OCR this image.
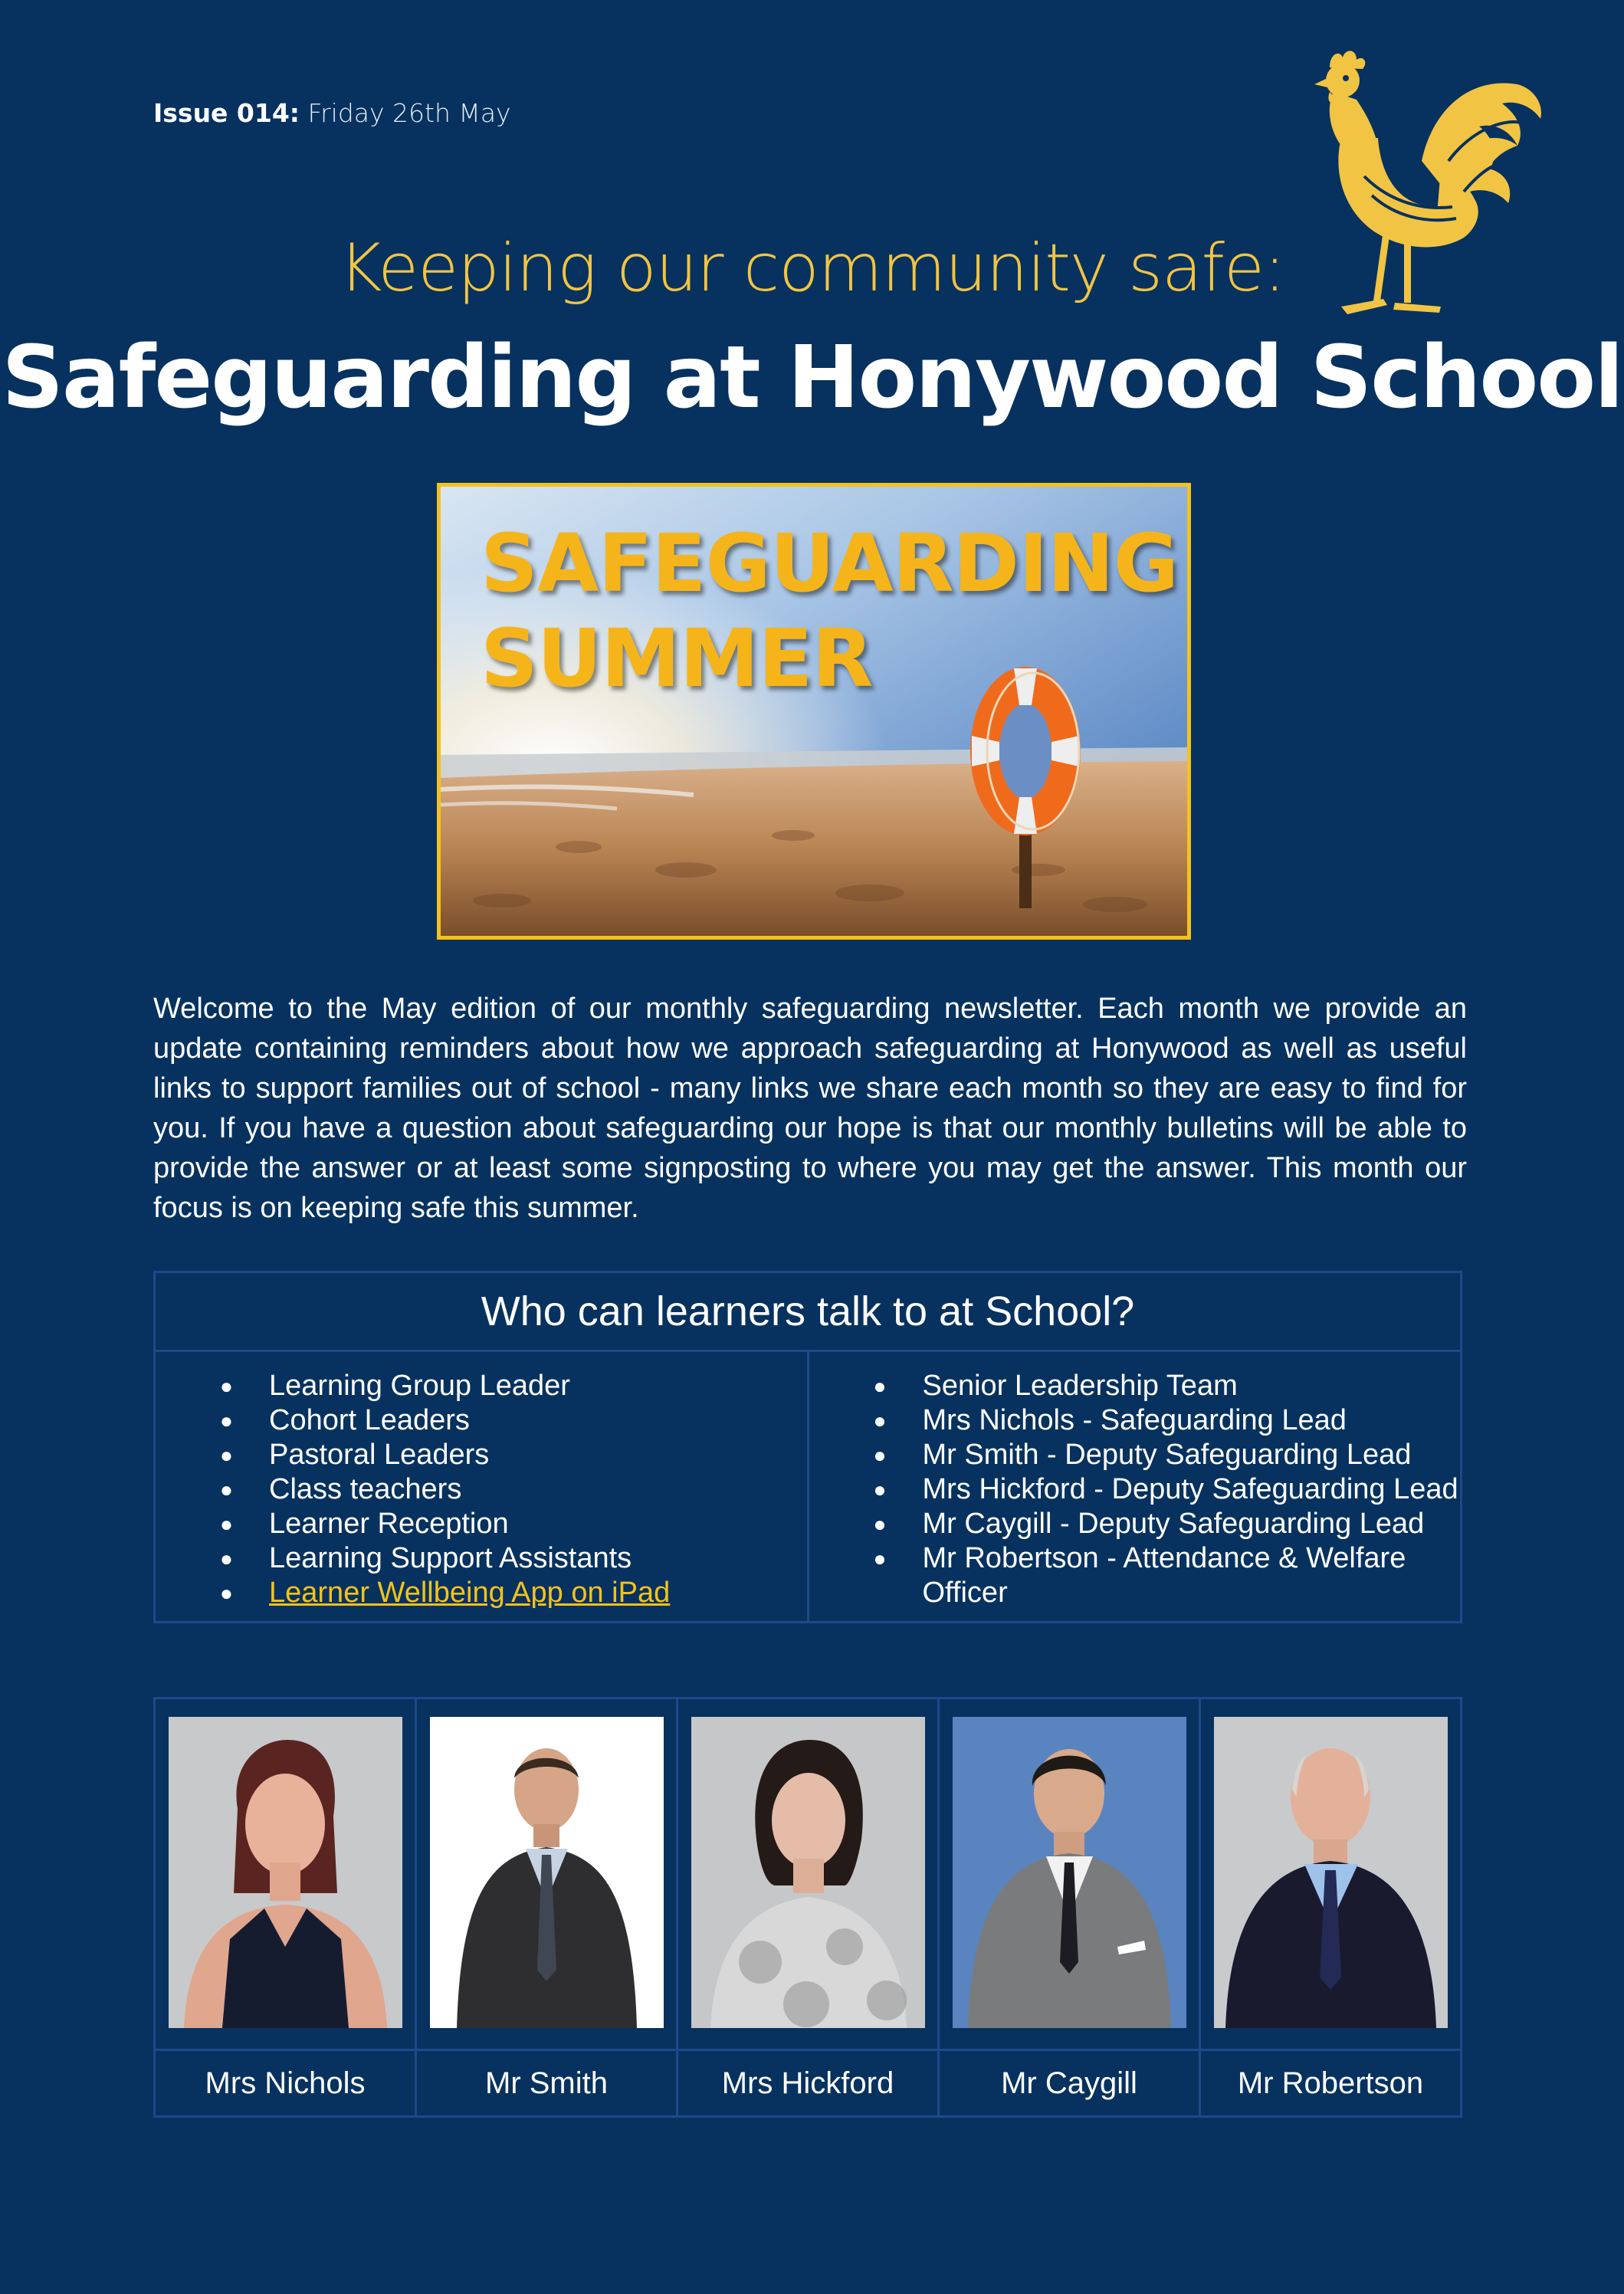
Issue 014: Friday 26th May
Keeping our community safe:
Safeguarding at Honywood School
SAFEGUARDING
SUMMER
Welcome to the May edition of our monthly safeguarding newsletter. Each month we provide an update containing reminders about how we approach safeguarding at Honywood as well as useful links to support families out of school - many links we share each month so they are easy to find for you. If you have a question about safeguarding our hope is that our monthly bulletins will be able to provide the answer or at least some signposting to where you may get the answer. This month our focus is on keeping safe this summer.
Who can learners talk to at School?

● Learning Group Leader
● Cohort Leaders
● Pastoral Leaders
● Class teachers
● Learner Reception
● Learning Support Assistants
● Learner Wellbeing App on iPad

● Senior Leadership Team
● Mrs Nichols - Safeguarding Lead
● Mr Smith - Deputy Safeguarding Lead
● Mrs Hickford - Deputy Safeguarding Lead
● Mr Caygill - Deputy Safeguarding Lead
● Mr Robertson - Attendance & Welfare Officer

Mrs Nichols	Mr Smith	Mrs Hickford	Mr Caygill	Mr Robertson
